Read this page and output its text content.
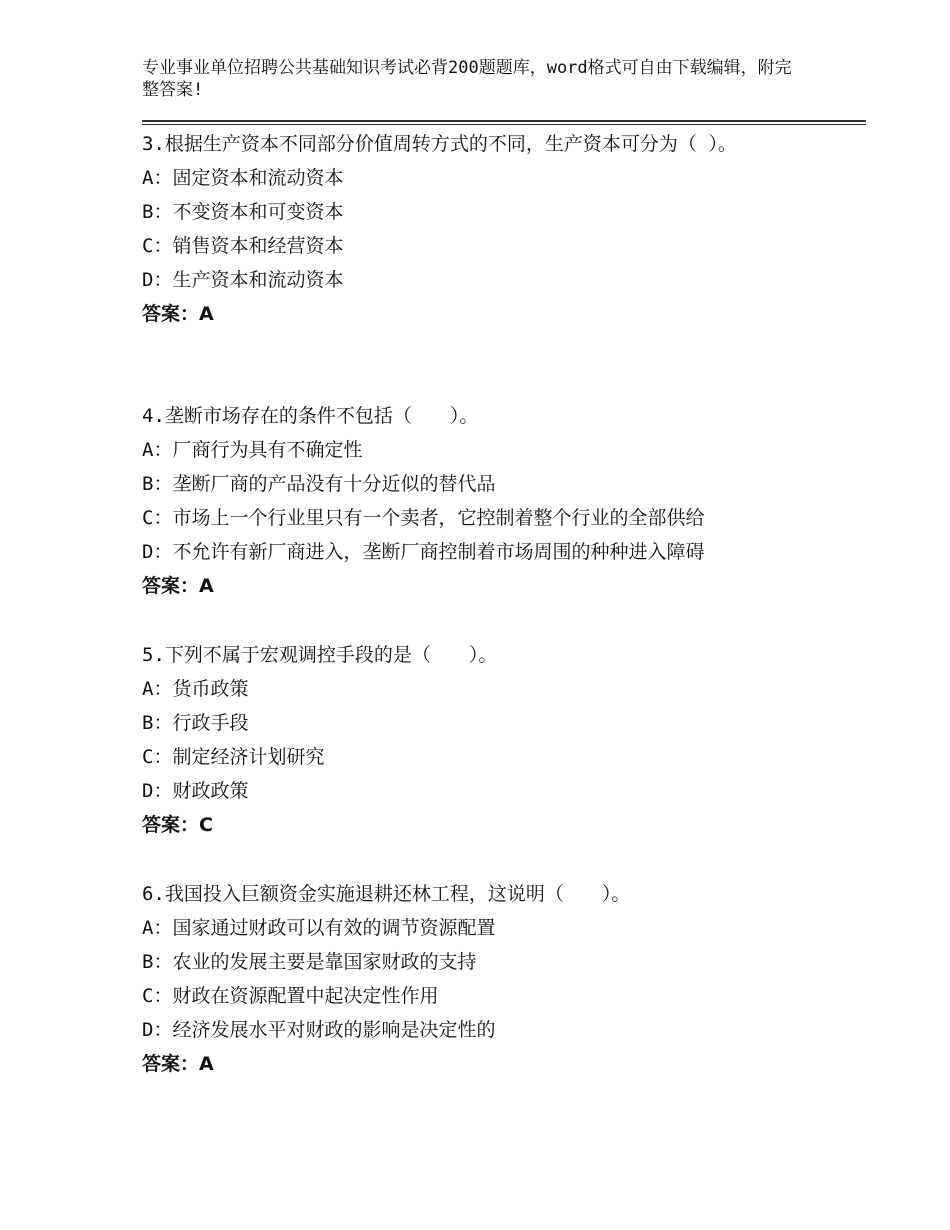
专业事业单位招聘公共基础知识考试必背200题题库，word格式可自由下载编辑，附完整答案!
3.根据生产资本不同部分价值周转方式的不同，生产资本可分为（ ）。
A：固定资本和流动资本
B：不变资本和可变资本
C：销售资本和经营资本
D：生产资本和流动资本
答案：A
4.垄断市场存在的条件不包括（　　）。
A：厂商行为具有不确定性
B：垄断厂商的产品没有十分近似的替代品
C：市场上一个行业里只有一个卖者，它控制着整个行业的全部供给
D：不允许有新厂商进入，垄断厂商控制着市场周围的种种进入障碍
答案：A
5.下列不属于宏观调控手段的是（　　）。
A：货币政策
B：行政手段
C：制定经济计划研究
D：财政政策
答案：C
6.我国投入巨额资金实施退耕还林工程，这说明（　　）。
A：国家通过财政可以有效的调节资源配置
B：农业的发展主要是靠国家财政的支持
C：财政在资源配置中起决定性作用
D：经济发展水平对财政的影响是决定性的
答案：A
